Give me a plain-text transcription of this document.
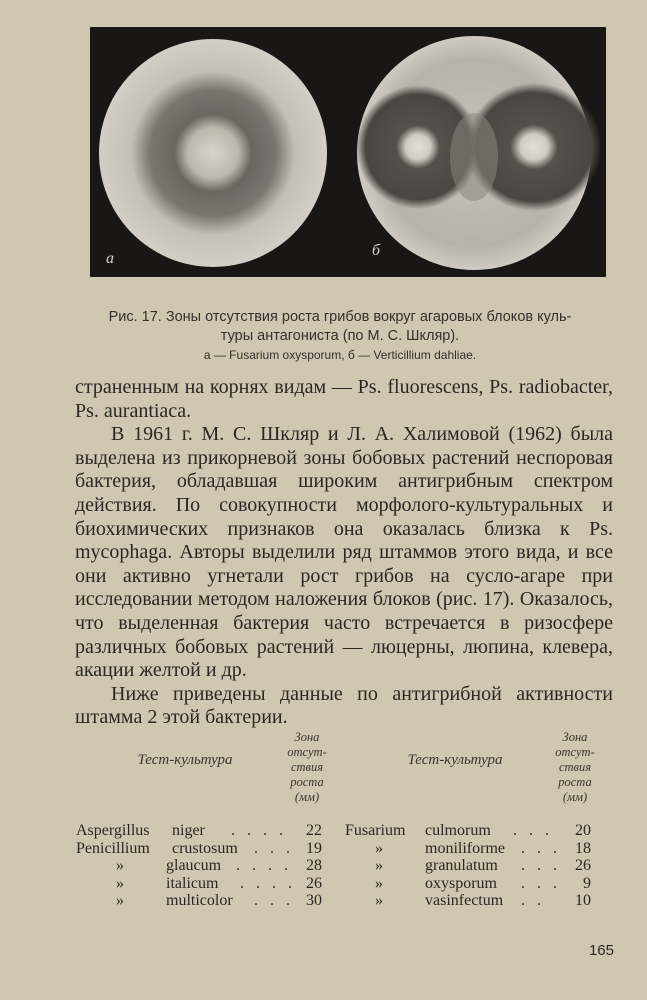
а	б
Рис. 17. Зоны отсутствия роста грибов вокруг агаровых блоков куль-
туры антагониста (по М. С. Шкляр).
а — Fusarium oxysporum, б — Verticillium dahliae.

страненным на корнях видам — Ps. fluorescens, Ps. radiobacter, Ps. aurantiaca.

В 1961 г. М. С. Шкляр и Л. А. Халимовой (1962) была выделена из прикорневой зоны бобовых растений неспоровая бактерия, обладавшая широким антигрибным спектром действия. По совокупности морфолого-культуральных и биохимических признаков она оказалась близка к Ps. mycophaga. Авторы выделили ряд штаммов этого вида, и все они активно угнетали рост грибов на сусло-агаре при исследовании методом наложения блоков (рис. 17). Оказалось, что выделенная бактерия часто встречается в ризосфере различных бобовых растений — люцерны, люпина, клевера, акации желтой и др.

Ниже приведены данные по антигрибной активности штамма 2 этой бактерии.

Тест-культура
Зона
отсут-
ствия
роста
(мм)
Тест-культура
Зона
отсут-
ствия
роста
(мм)
Aspergillus niger . . . .	22
Penicillium crustosum . . . 19
»	glaucum . . . . 28
»	italicum . . . . 26
»	multicolor . . . 30
Fusarium culmorum . . .	20
»	moniliforme . . . 18
»	granulatum . . . 26
»	oxysporum . . .	9
»	vasinfectum . .	10
165
